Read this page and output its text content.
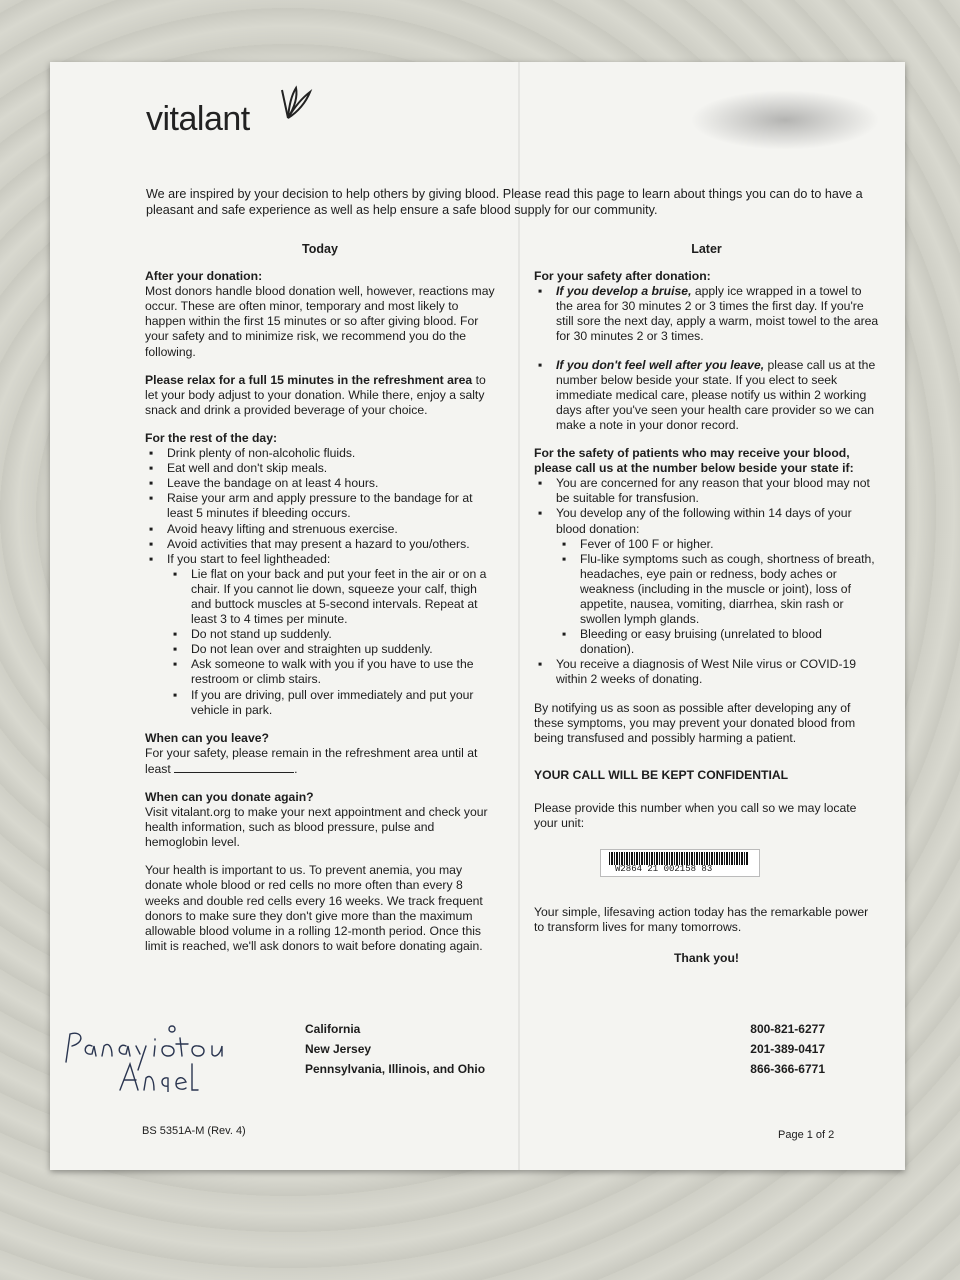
vitalant
We are inspired by your decision to help others by giving blood. Please read this page to learn about things you can do to have a pleasant and safe experience as well as help ensure a safe blood supply for our community.
Today
After your donation:

Most donors handle blood donation well, however, reactions may occur. These are often minor, temporary and most likely to happen within the first 15 minutes or so after giving blood. For your safety and to minimize risk, we recommend you do the following.

Please relax for a full 15 minutes in the refreshment area to let your body adjust to your donation. While there, enjoy a salty snack and drink a provided beverage of your choice.

For the rest of the day:
▪ Drink plenty of non-alcoholic fluids.
▪ Eat well and don't skip meals.
▪ Leave the bandage on at least 4 hours.
▪ Raise your arm and apply pressure to the bandage for at least 5 minutes if bleeding occurs.
▪ Avoid heavy lifting and strenuous exercise.
▪ Avoid activities that may present a hazard to you/others.
▪ If you start to feel lightheaded:
▪ Lie flat on your back and put your feet in the air or on a chair. If you cannot lie down, squeeze your calf, thigh and buttock muscles at 5-second intervals. Repeat at least 3 to 4 times per minute.
▪ Do not stand up suddenly.
▪ Do not lean over and straighten up suddenly.
▪ Ask someone to walk with you if you have to use the restroom or climb stairs.
▪ If you are driving, pull over immediately and put your vehicle in park.
When can you leave?

For your safety, please remain in the refreshment area until at least	.

When can you donate again?

Visit vitalant.org to make your next appointment and check your health information, such as blood pressure, pulse and hemoglobin level.

Your health is important to us. To prevent anemia, you may donate whole blood or red cells no more often than every 8 weeks and double red cells every 16 weeks. We track frequent donors to make sure they don't give more than the maximum allowable blood volume in a rolling 12-month period. Once this limit is reached, we'll ask donors to wait before donating again.

Later
For your safety after donation:
▪ If you develop a bruise, apply ice wrapped in a towel to the area for 30 minutes 2 or 3 times the first day. If you're still sore the next day, apply a warm, moist towel to the area for 30 minutes 2 or 3 times.
▪ If you don't feel well after you leave, please call us at the number below beside your state. If you elect to seek immediate medical care, please notify us within 2 working days after you've seen your health care provider so we can make a note in your donor record.
For the safety of patients who may receive your blood, please call us at the number below beside your state if:
▪ You are concerned for any reason that your blood may not be suitable for transfusion.
▪ You develop any of the following within 14 days of your blood donation:
▪ Fever of 100 F or higher.
▪ Flu-like symptoms such as cough, shortness of breath, headaches, eye pain or redness, body aches or weakness (including in the muscle or joint), loss of appetite, nausea, vomiting, diarrhea, skin rash or swollen lymph glands.
▪ Bleeding or easy bruising (unrelated to blood donation).
▪ You receive a diagnosis of West Nile virus or COVID-19 within 2 weeks of donating.

By notifying us as soon as possible after developing any of these symptoms, you may prevent your donated blood from being transfused and possibly harming a patient.

YOUR CALL WILL BE KEPT CONFIDENTIAL
Please provide this number when you call so we may locate your unit:
W2864 21 002158 83
Your simple, lifesaving action today has the remarkable power to transform lives for many tomorrows.
Thank you!
California	800-821-6277
New Jersey	201-389-0417
Pennsylvania, Illinois, and Ohio	866-366-6771
BS 5351A-M (Rev. 4)	Page 1 of 2
